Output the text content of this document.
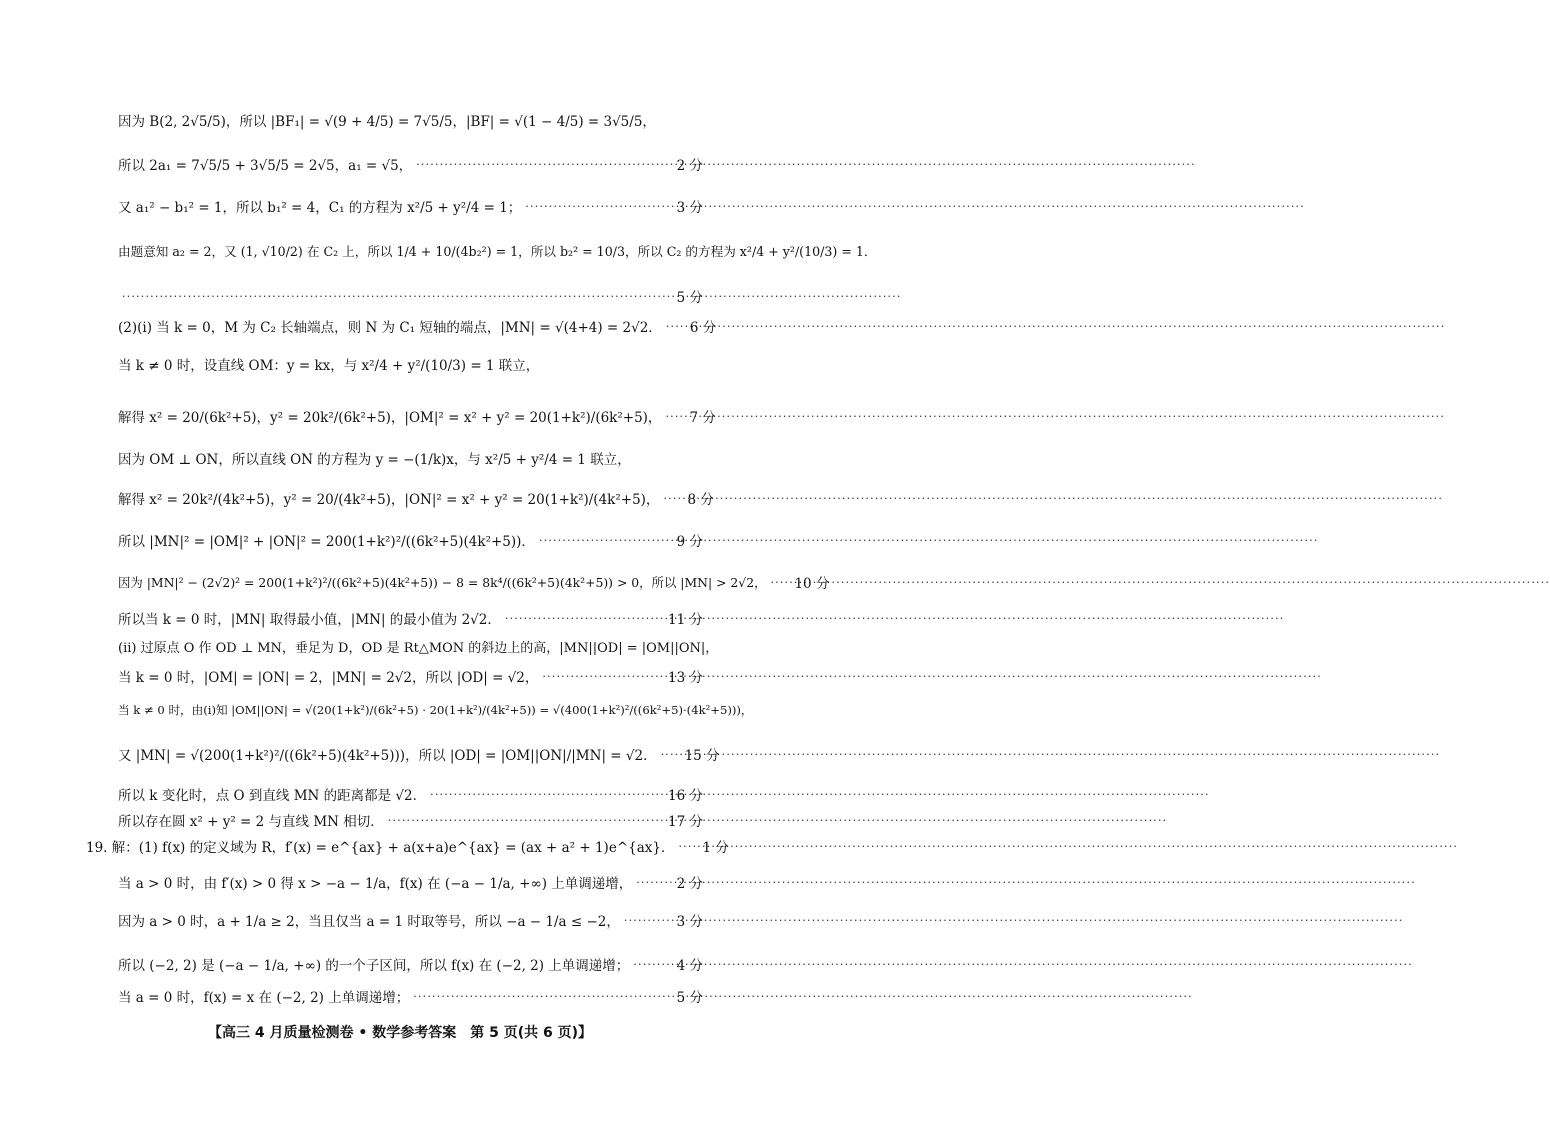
因为 B(2, 2√5/5)，所以 |BF₁| = √(9 + 4/5) = 7√5/5，|BF| = √(1 − 4/5) = 3√5/5，
所以 2a₁ = 7√5/5 + 3√5/5 = 2√5，a₁ = √5， ·····	2 分
又 a₁² − b₁² = 1，所以 b₁² = 4，C₁ 的方程为 x²/5 + y²/4 = 1； ·····	3 分
由题意知 a₂ = 2，又 (1, √10/2) 在 C₂ 上，所以 1/4 + 10/(4b₂²) = 1，所以 b₂² = 10/3，所以 C₂ 的方程为 x²/4 + y²/(10/3) = 1．
·····
5 分
(2)(ⅰ) 当 k = 0，M 为 C₂ 长轴端点，则 N 为 C₁ 短轴的端点，|MN| = √(4+4) = 2√2． ····· 6 分
当 k ≠ 0 时，设直线 OM：y = kx，与 x²/4 + y²/(10/3) = 1 联立，
解得 x² = 20/(6k²+5)，y² = 20k²/(6k²+5)，|OM|² = x² + y² = 20(1+k²)/(6k²+5)， ····· 7 分
因为 OM ⊥ ON，所以直线 ON 的方程为 y = −(1/k)x，与 x²/5 + y²/4 = 1 联立，
解得 x² = 20k²/(4k²+5)，y² = 20/(4k²+5)，|ON|² = x² + y² = 20(1+k²)/(4k²+5)， ····· 8 分
所以 |MN|² = |OM|² + |ON|² = 200(1+k²)²/((6k²+5)(4k²+5))． ·····	9 分
因为 |MN|² − (2√2)² = 200(1+k²)²/((6k²+5)(4k²+5)) − 8 = 8k⁴/((6k²+5)(4k²+5)) > 0，所以 |MN| > 2√2， ····· 10 分
所以当 k = 0 时，|MN| 取得最小值，|MN| 的最小值为 2√2． ·····	11 分
(ⅱ) 过原点 O 作 OD ⊥ MN，垂足为 D，OD 是 Rt△MON 的斜边上的高，|MN||OD| = |OM||ON|，
当 k = 0 时，|OM| = |ON| = 2，|MN| = 2√2，所以 |OD| = √2， ·····	13 分
当 k ≠ 0 时，由(ⅰ)知 |OM||ON| = √(20(1+k²)/(6k²+5) · 20(1+k²)/(4k²+5)) = √(400(1+k²)²/((6k²+5)·(4k²+5)))，
又 |MN| = √(200(1+k²)²/((6k²+5)(4k²+5)))，所以 |OD| = |OM||ON|/|MN| = √2． ····· 15 分
所以 k 变化时，点 O 到直线 MN 的距离都是 √2． ·····	16 分
所以存在圆 x² + y² = 2 与直线 MN 相切． ·····	17 分
19. 解：(1) f(x) 的定义域为 R，f′(x) = e^{ax} + a(x+a)e^{ax} = (ax + a² + 1)e^{ax}． ····· 1 分
当 a > 0 时，由 f′(x) > 0 得 x > −a − 1/a，f(x) 在 (−a − 1/a, +∞) 上单调递增， ·····	2 分
因为 a > 0 时，a + 1/a ≥ 2，当且仅当 a = 1 时取等号，所以 −a − 1/a ≤ −2， ·····	3 分
所以 (−2, 2) 是 (−a − 1/a, +∞) 的一个子区间，所以 f(x) 在 (−2, 2) 上单调递增； ·····	4 分
当 a = 0 时，f(x) = x 在 (−2, 2) 上单调递增； ·····	5 分
【高三 4 月质量检测卷 • 数学参考答案　第 5 页(共 6 页)】
